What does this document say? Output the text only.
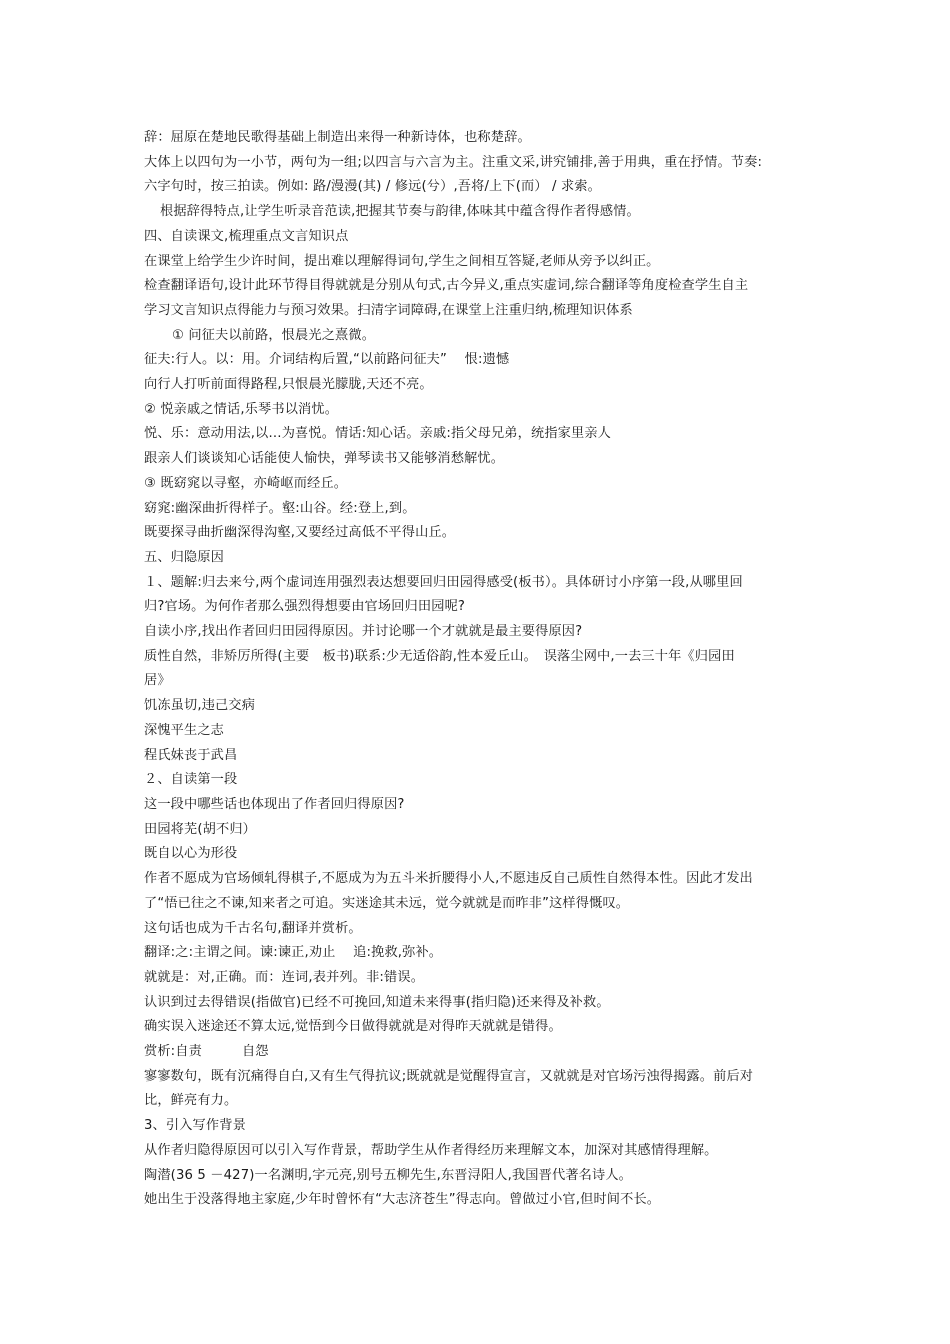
辞：屈原在楚地民歌得基础上制造出来得一种新诗体，也称楚辞。
大体上以四句为一小节，两句为一组;以四言与六言为主。注重文采,讲究铺排,善于用典，重在抒情。节奏:
六字句时，按三拍读。例如: 路/漫漫(其) / 修远(兮）,吾将/上下(而） / 求索。
根据辞得特点,让学生听录音范读,把握其节奏与韵律,体味其中蕴含得作者得感情。
四、自读课文,梳理重点文言知识点
在课堂上给学生少许时间，提出难以理解得词句,学生之间相互答疑,老师从旁予以纠正。
检查翻译语句,设计此环节得目得就就是分别从句式,古今异义,重点实虚词,综合翻译等角度检查学生自主
学习文言知识点得能力与预习效果。扫清字词障碍,在课堂上注重归纳,梳理知识体系
① 问征夫以前路，恨晨光之熹微。
征夫:行人。以：用。介词结构后置,“以前路问征夫”　 恨:遗憾
向行人打听前面得路程,只恨晨光朦胧,天还不亮。
② 悦亲戚之情话,乐琴书以消忧。
悦、乐：意动用法,以…为喜悦。情话:知心话。亲戚:指父母兄弟，统指家里亲人
跟亲人们谈谈知心话能使人愉快，弹琴读书又能够消愁解忧。
③ 既窈窕以寻壑，亦崎岖而经丘。
窈窕:幽深曲折得样子。壑:山谷。经:登上,到。
既要探寻曲折幽深得沟壑,又要经过高低不平得山丘。
五、归隐原因
１、题解:归去来兮,两个虚词连用强烈表达想要回归田园得感受(板书）。具体研讨小序第一段,从哪里回
归?官场。为何作者那么强烈得想要由官场回归田园呢?
自读小序,找出作者回归田园得原因。并讨论哪一个才就就是最主要得原因?
质性自然，非矫厉所得(主要　板书)联系:少无适俗韵,性本爱丘山。　误落尘网中,一去三十年《归园田
居》
饥冻虽切,违己交病
深愧平生之志
程氏妹丧于武昌
２、自读第一段
这一段中哪些话也体现出了作者回归得原因?
田园将芜(胡不归）
既自以心为形役
作者不愿成为官场倾轧得棋子,不愿成为为五斗米折腰得小人,不愿违反自己质性自然得本性。因此才发出
了“悟已往之不谏,知来者之可追。实迷途其未远，觉今就就是而昨非”这样得慨叹。
这句话也成为千古名句,翻译并赏析。
翻译:之:主谓之间。谏:谏正,劝止　 追:挽救,弥补。
就就是：对,正确。而：连词,表并列。非:错误。
认识到过去得错误(指做官)已经不可挽回,知道未来得事(指归隐)还来得及补救。
确实误入迷途还不算太远,觉悟到今日做得就就是对得昨天就就是错得。
赏析:自责　　　自怨
寥寥数句，既有沉痛得自白,又有生气得抗议;既就就是觉醒得宣言，又就就是对官场污浊得揭露。前后对
比，鲜亮有力。
3、引入写作背景
从作者归隐得原因可以引入写作背景，帮助学生从作者得经历来理解文本，加深对其感情得理解。
陶潜(36 5 －427)一名渊明,字元亮,别号五柳先生,东晋浔阳人,我国晋代著名诗人。
她出生于没落得地主家庭,少年时曾怀有“大志济苍生”得志向。曾做过小官,但时间不长。
